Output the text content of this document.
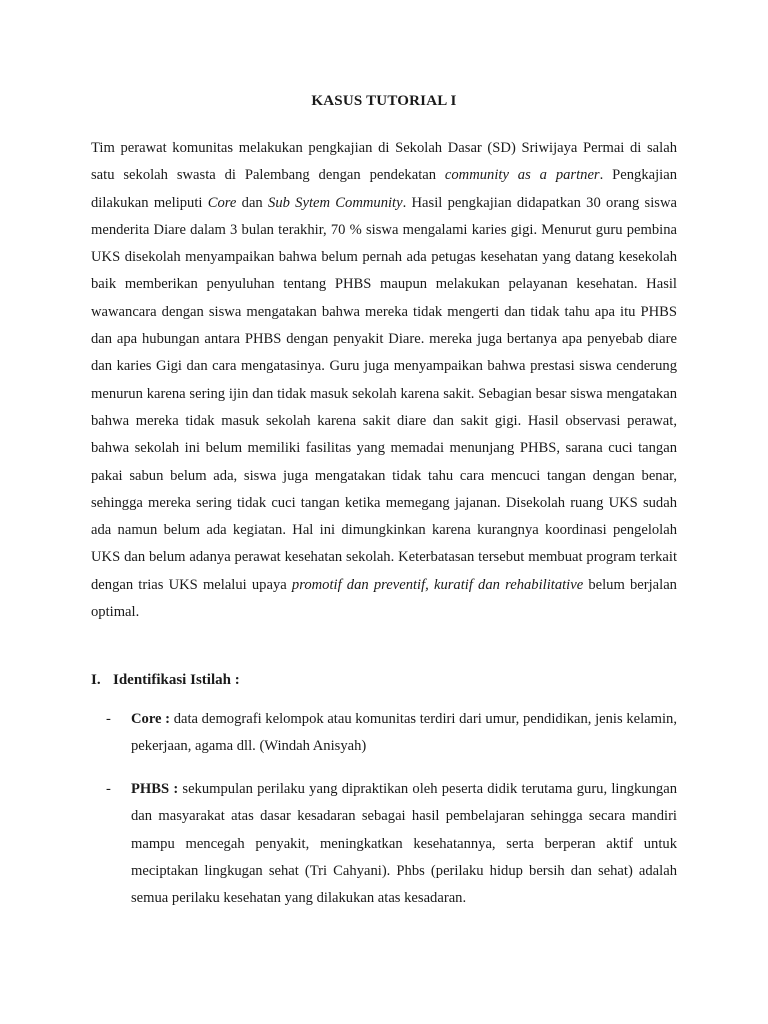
KASUS TUTORIAL I

Tim perawat komunitas melakukan pengkajian di Sekolah Dasar (SD) Sriwijaya Permai di salah satu sekolah swasta di Palembang dengan pendekatan community as a partner. Pengkajian dilakukan meliputi Core dan Sub Sytem Community. Hasil pengkajian didapatkan 30 orang siswa menderita Diare dalam 3 bulan terakhir, 70 % siswa mengalami karies gigi. Menurut guru pembina UKS disekolah menyampaikan bahwa belum pernah ada petugas kesehatan yang datang kesekolah baik memberikan penyuluhan tentang PHBS maupun melakukan pelayanan kesehatan. Hasil wawancara dengan siswa mengatakan bahwa mereka tidak mengerti dan tidak tahu apa itu PHBS dan apa hubungan antara PHBS dengan penyakit Diare. mereka juga bertanya apa penyebab diare dan karies Gigi dan cara mengatasinya. Guru juga menyampaikan bahwa prestasi siswa cenderung menurun karena sering ijin dan tidak masuk sekolah karena sakit. Sebagian besar siswa mengatakan bahwa mereka tidak masuk sekolah karena sakit diare dan sakit gigi. Hasil observasi perawat, bahwa sekolah ini belum memiliki fasilitas yang memadai menunjang PHBS, sarana cuci tangan pakai sabun belum ada, siswa juga mengatakan tidak tahu cara mencuci tangan dengan benar, sehingga mereka sering tidak cuci tangan ketika memegang jajanan. Disekolah ruang UKS sudah ada namun belum ada kegiatan. Hal ini dimungkinkan karena kurangnya koordinasi pengelolah UKS dan belum adanya perawat kesehatan sekolah. Keterbatasan tersebut membuat program terkait dengan trias UKS melalui upaya promotif dan preventif, kuratif dan rehabilitative belum berjalan optimal.

I. Identifikasi Istilah :
- Core : data demografi kelompok atau komunitas terdiri dari umur, pendidikan, jenis kelamin, pekerjaan, agama dll. (Windah Anisyah)
- PHBS : sekumpulan perilaku yang dipraktikan oleh peserta didik terutama guru, lingkungan dan masyarakat atas dasar kesadaran sebagai hasil pembelajaran sehingga secara mandiri mampu mencegah penyakit, meningkatkan kesehatannya, serta berperan aktif untuk meciptakan lingkugan sehat (Tri Cahyani). Phbs (perilaku hidup bersih dan sehat) adalah semua perilaku kesehatan yang dilakukan atas kesadaran.
